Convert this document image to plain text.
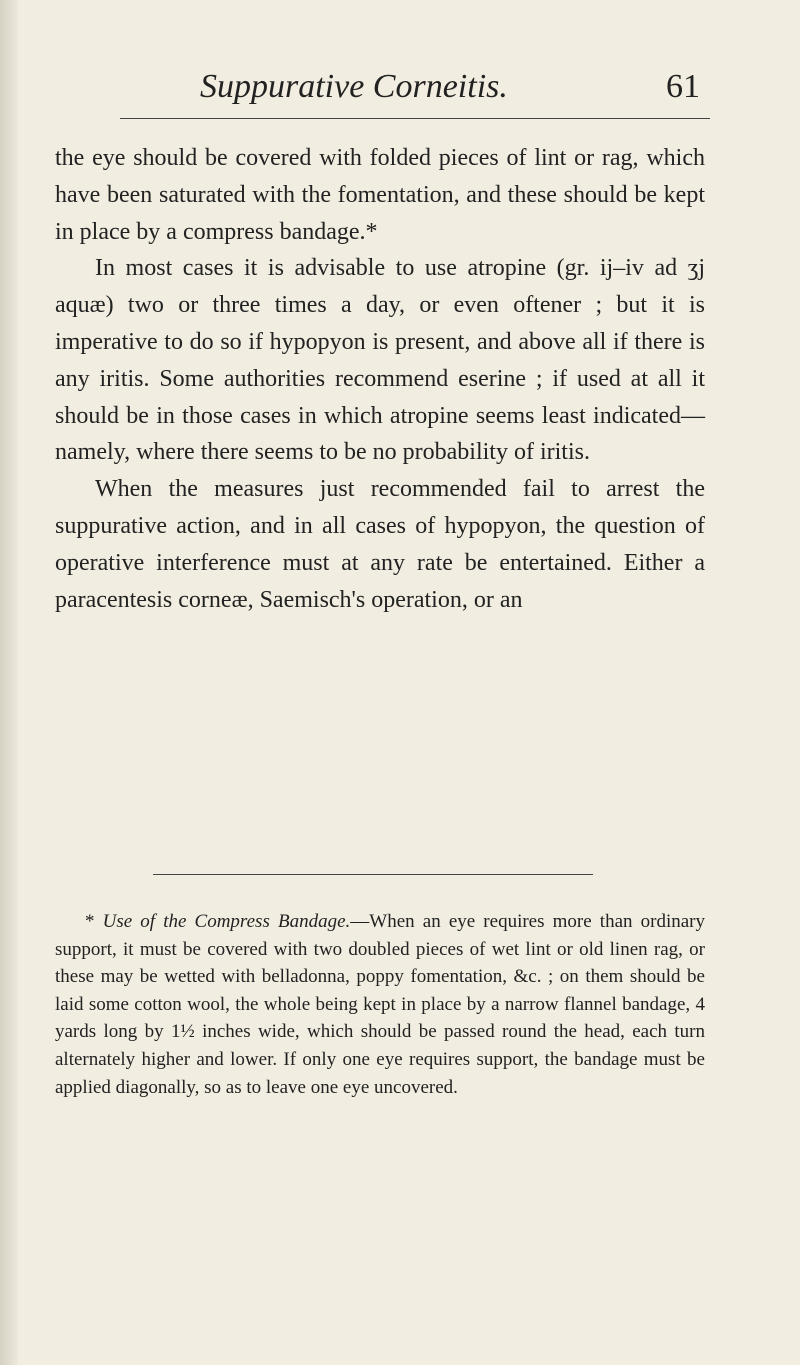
Suppurative Corneitis.	61

the eye should be covered with folded pieces of lint or rag, which have been saturated with the fomentation, and these should be kept in place by a compress bandage.*

In most cases it is advisable to use atropine (gr. ij–iv ad ʒj aquæ) two or three times a day, or even oftener ; but it is imperative to do so if hypopyon is present, and above all if there is any iritis. Some authorities recommend eserine ; if used at all it should be in those cases in which atropine seems least indicated—namely, where there seems to be no probability of iritis.

When the measures just recommended fail to arrest the suppurative action, and in all cases of hypopyon, the question of operative interference must at any rate be entertained. Either a paracentesis corneæ, Saemisch's operation, or an

* Use of the Compress Bandage.—When an eye requires more than ordinary support, it must be covered with two doubled pieces of wet lint or old linen rag, or these may be wetted with belladonna, poppy fomentation, &c. ; on them should be laid some cotton wool, the whole being kept in place by a narrow flannel bandage, 4 yards long by 1½ inches wide, which should be passed round the head, each turn alternately higher and lower. If only one eye requires support, the bandage must be applied diagonally, so as to leave one eye uncovered.
